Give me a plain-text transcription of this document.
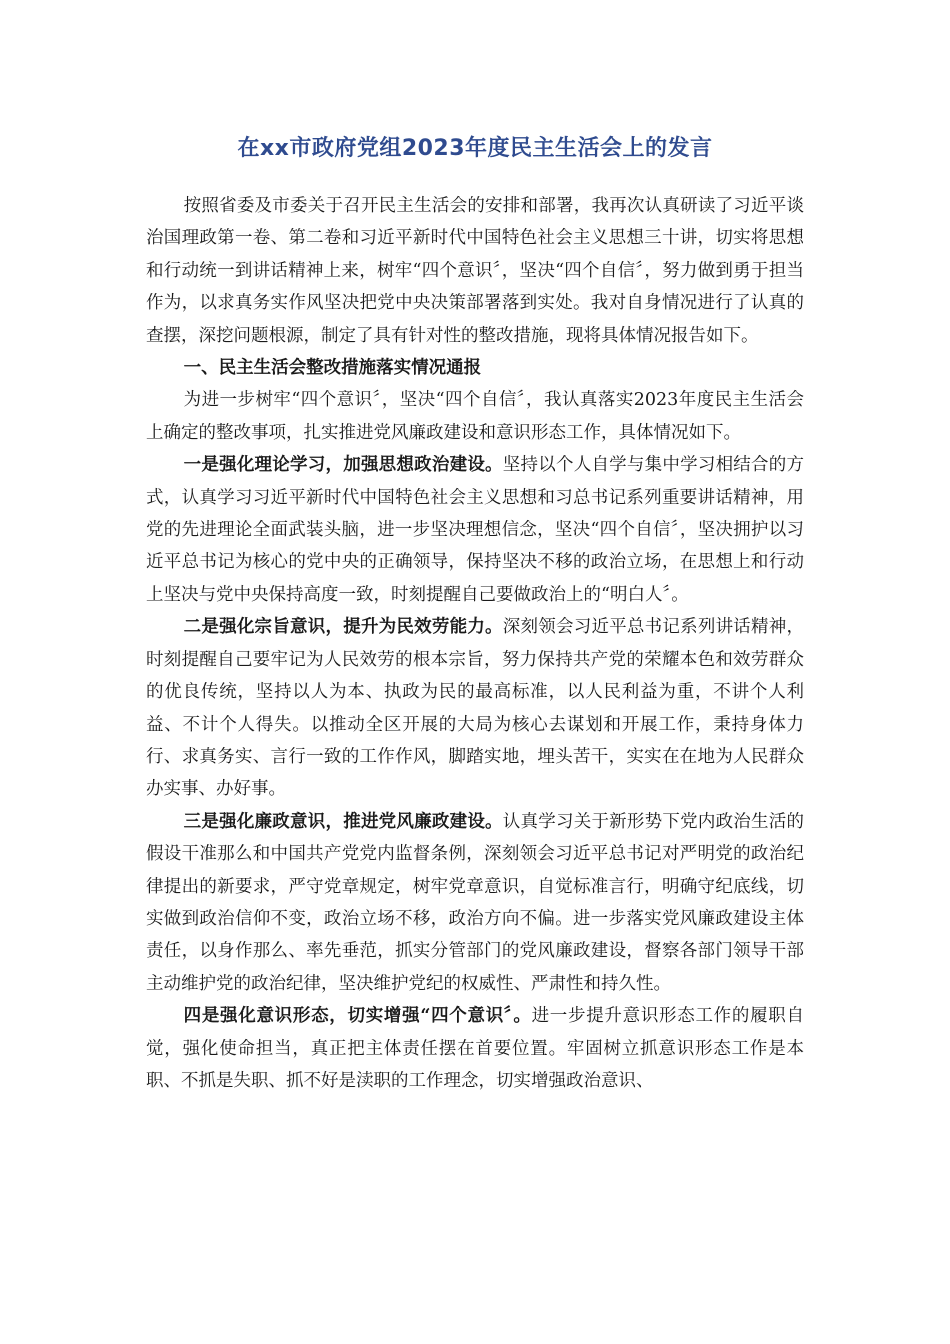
在xx市政府党组2023年度民主生活会上的发言

按照省委及市委关于召开民主生活会的安排和部署，我再次认真研读了习近平谈治国理政第一卷、第二卷和习近平新时代中国特色社会主义思想三十讲，切实将思想和行动统一到讲话精神上来，树牢“四个意识〞，坚决“四个自信〞，努力做到勇于担当作为，以求真务实作风坚决把党中央决策部署落到实处。我对自身情况进行了认真的查摆，深挖问题根源，制定了具有针对性的整改措施，现将具体情况报告如下。

一、民主生活会整改措施落实情况通报

为进一步树牢“四个意识〞，坚决“四个自信〞，我认真落实2023年度民主生活会上确定的整改事项，扎实推进党风廉政建设和意识形态工作，具体情况如下。

一是强化理论学习，加强思想政治建设。坚持以个人自学与集中学习相结合的方式，认真学习习近平新时代中国特色社会主义思想和习总书记系列重要讲话精神，用党的先进理论全面武装头脑，进一步坚决理想信念，坚决“四个自信〞，坚决拥护以习近平总书记为核心的党中央的正确领导，保持坚决不移的政治立场，在思想上和行动上坚决与党中央保持高度一致，时刻提醒自己要做政治上的“明白人〞。

二是强化宗旨意识，提升为民效劳能力。深刻领会习近平总书记系列讲话精神，时刻提醒自己要牢记为人民效劳的根本宗旨，努力保持共产党的荣耀本色和效劳群众的优良传统，坚持以人为本、执政为民的最高标准，以人民利益为重，不讲个人利益、不计个人得失。以推动全区开展的大局为核心去谋划和开展工作，秉持身体力行、求真务实、言行一致的工作作风，脚踏实地，埋头苦干，实实在在地为人民群众办实事、办好事。

三是强化廉政意识，推进党风廉政建设。认真学习关于新形势下党内政治生活的假设干准那么和中国共产党党内监督条例，深刻领会习近平总书记对严明党的政治纪律提出的新要求，严守党章规定，树牢党章意识，自觉标准言行，明确守纪底线，切实做到政治信仰不变，政治立场不移，政治方向不偏。进一步落实党风廉政建设主体责任，以身作那么、率先垂范，抓实分管部门的党风廉政建设，督察各部门领导干部主动维护党的政治纪律，坚决维护党纪的权威性、严肃性和持久性。

四是强化意识形态，切实增强“四个意识〞。进一步提升意识形态工作的履职自觉，强化使命担当，真正把主体责任摆在首要位置。牢固树立抓意识形态工作是本职、不抓是失职、抓不好是渎职的工作理念，切实增强政治意识、
